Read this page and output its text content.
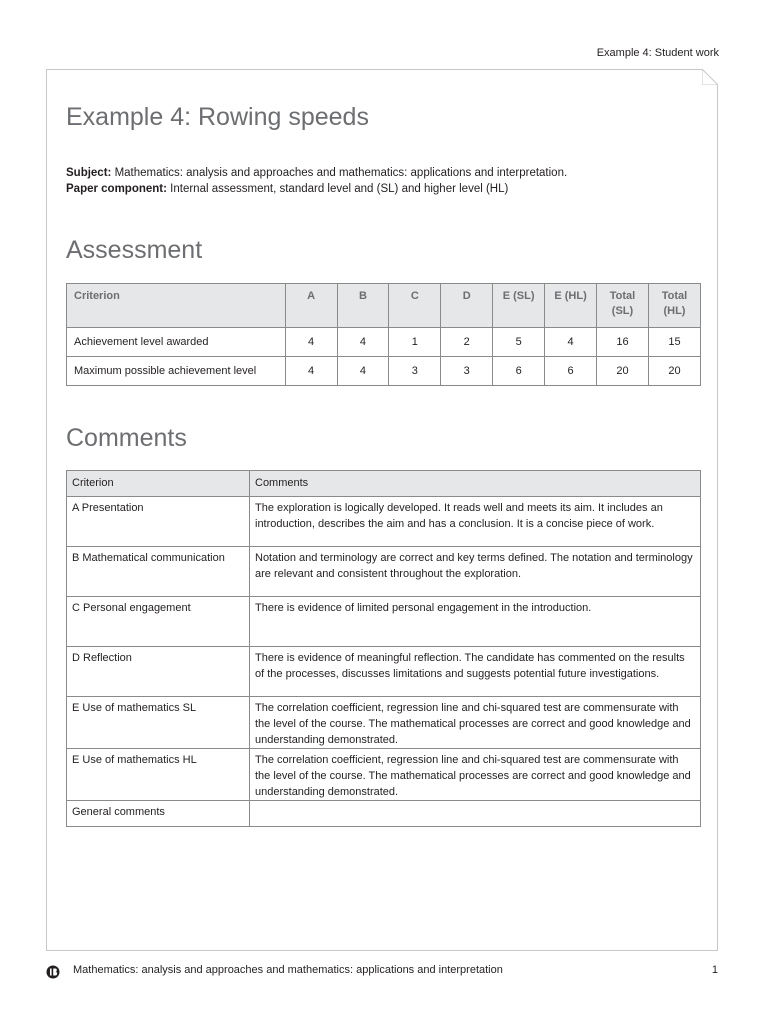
Example 4: Student work
Example 4: Rowing speeds
Subject: Mathematics: analysis and approaches and mathematics: applications and interpretation.
Paper component: Internal assessment, standard level and (SL) and higher level (HL)
Assessment
Criterion	A	B	C	D	E (SL)	E (HL)	Total (SL)	Total (HL)
Achievement level awarded	4	4	1	2	5	4	16	15
Maximum possible achievement level	4	4	3	3	6	6	20	20
Comments
Criterion	Comments
A Presentation	The exploration is logically developed. It reads well and meets its aim. It includes an introduction, describes the aim and has a conclusion. It is a concise piece of work.
B Mathematical communication	Notation and terminology are correct and key terms defined. The notation and terminology are relevant and consistent throughout the exploration.
C Personal engagement	There is evidence of limited personal engagement in the introduction.
D Reflection	There is evidence of meaningful reflection. The candidate has commented on the results of the processes, discusses limitations and suggests potential future investigations.
E Use of mathematics SL	The correlation coefficient, regression line and chi-squared test are commensurate with the level of the course. The mathematical processes are correct and good knowledge and understanding demonstrated.
E Use of mathematics HL	The correlation coefficient, regression line and chi-squared test are commensurate with the level of the course. The mathematical processes are correct and good knowledge and understanding demonstrated.
General comments	
Mathematics: analysis and approaches and mathematics: applications and interpretation	1
